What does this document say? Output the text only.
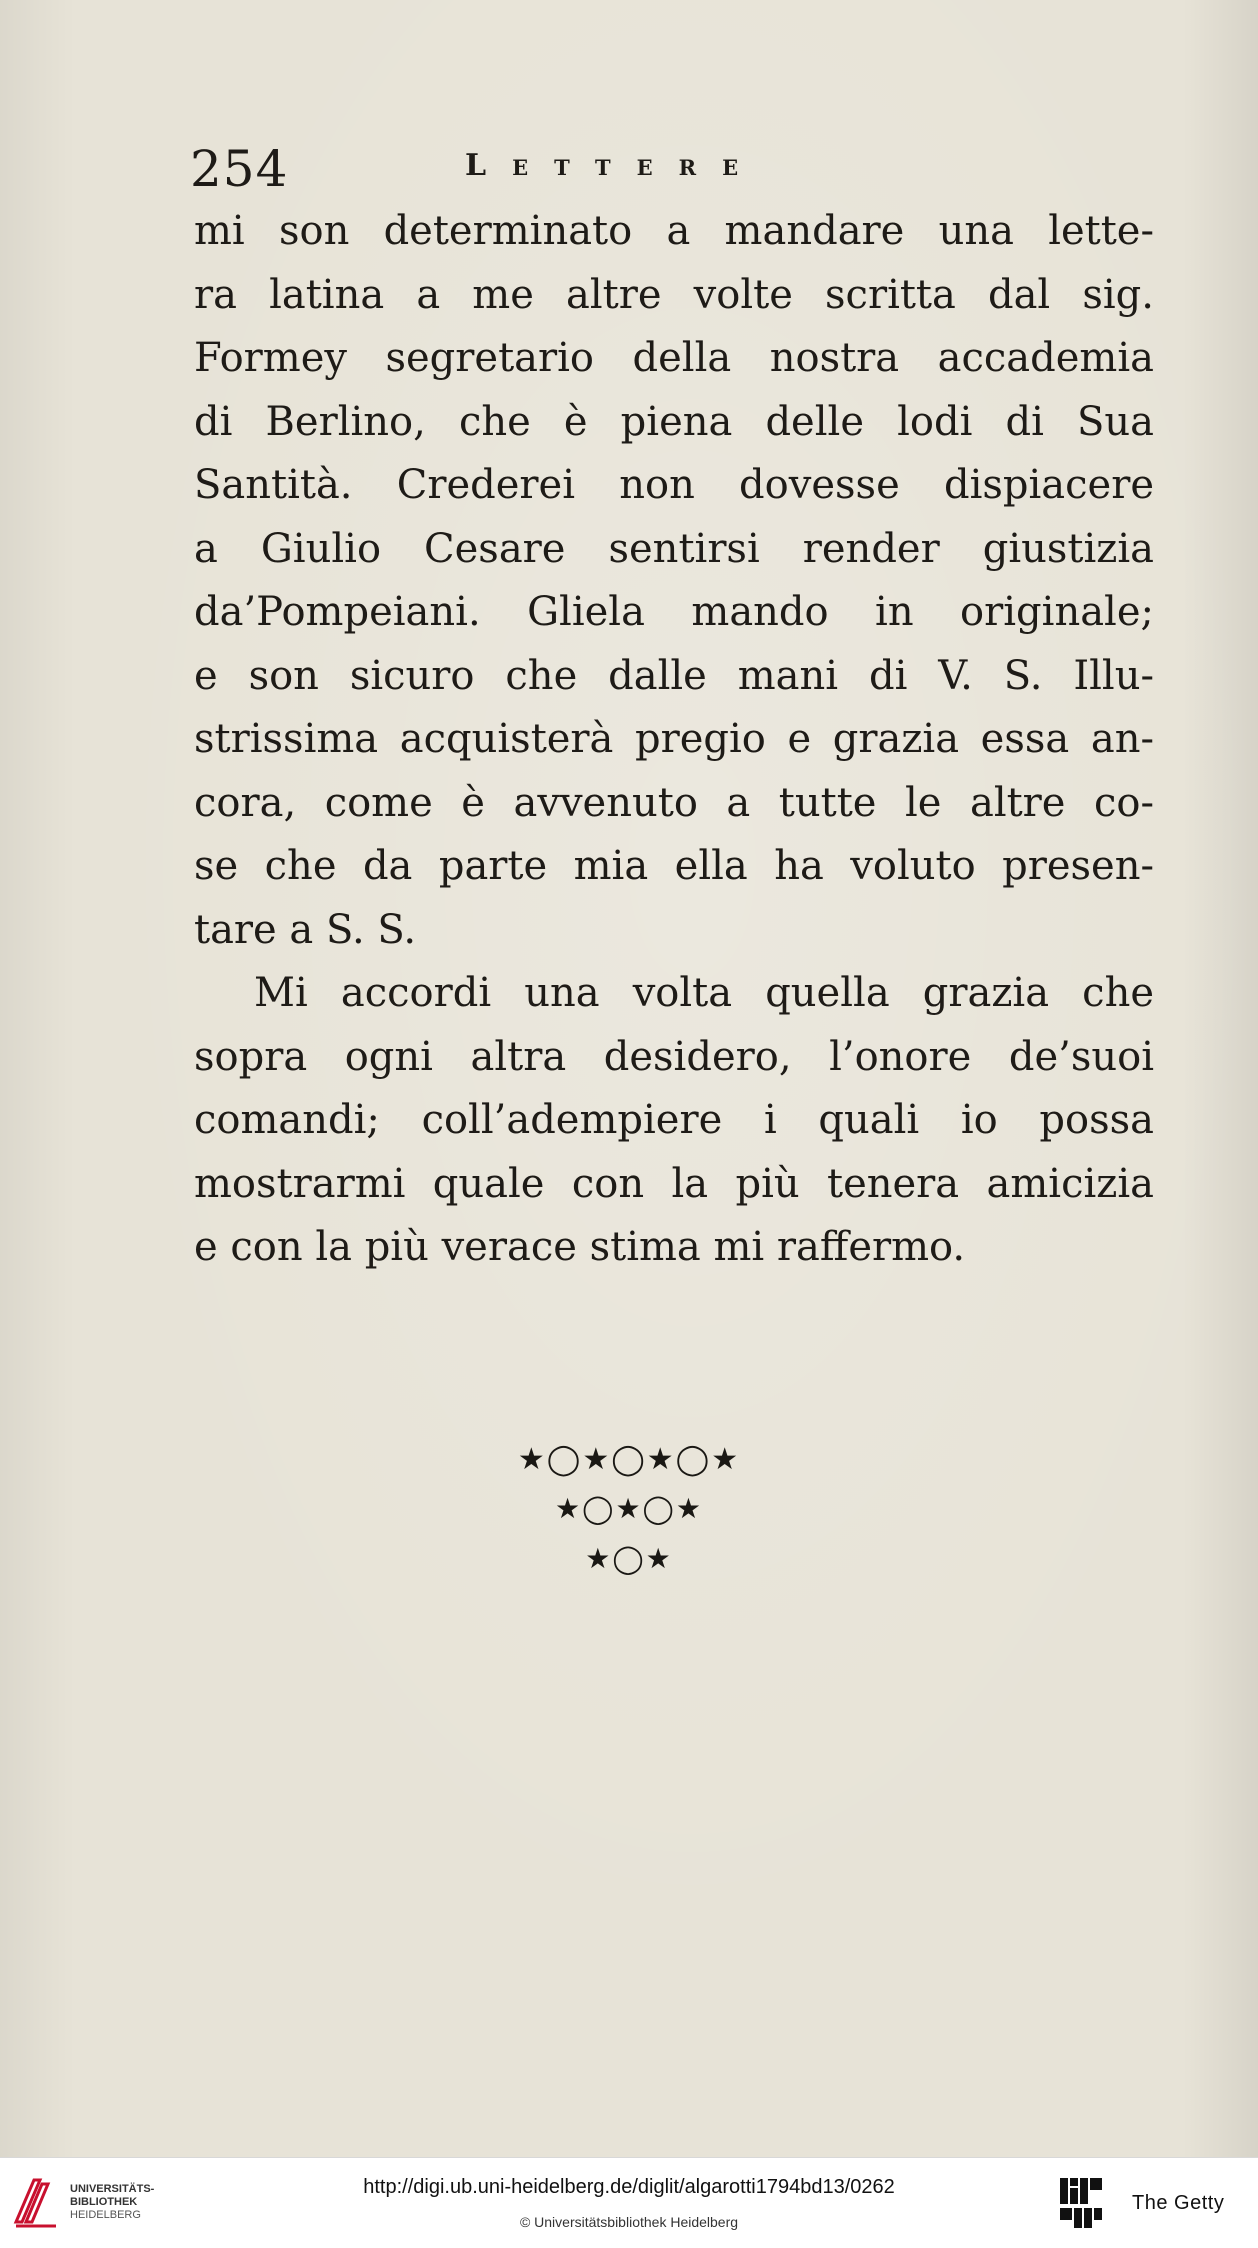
254	Lettere
mi son determinato a mandare una lette-
ra latina a me altre volte scritta dal sig.
Formey segretario della nostra accademia
di Berlino, che è piena delle lodi di Sua
Santità. Crederei non dovesse dispiacere
a Giulio Cesare sentirsi render giustizia
da’Pompeiani. Gliela mando in originale;
e son sicuro che dalle mani di V. S. Illu-
strissima acquisterà pregio e grazia essa an-
cora, come è avvenuto a tutte le altre co-
se che da parte mia ella ha voluto presen-
tare a S. S.
Mi accordi una volta quella grazia che
sopra ogni altra desidero, l’onore de’suoi
comandi; coll’adempiere i quali io possa
mostrarmi quale con la più tenera amicizia
e con la più verace stima mi raffermo.
★◯★◯★◯★
★◯★◯★
★◯★
UNIVERSITÄTS-
BIBLIOTHEK
HEIDELBERG
http://digi.ub.uni-heidelberg.de/diglit/algarotti1794bd13/0262
© Universitätsbibliothek Heidelberg
The Getty
